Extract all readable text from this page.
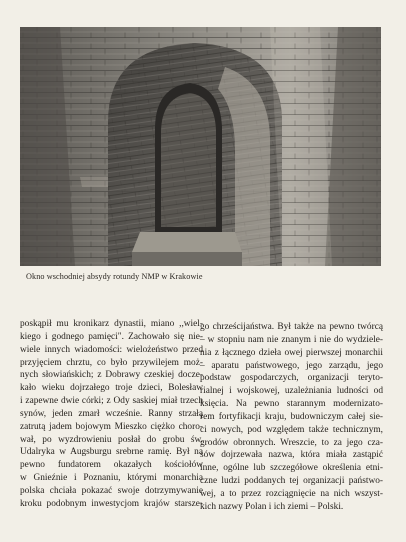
Okno wschodniej absydy rotundy NMP w Krakowie
poskąpił mu kronikarz dynastii, miano ,,wiel-
kiego i godnego pamięci". Zachowało się nie-
wiele innych wiadomości: wielożeństwo przed
przyjęciem chrztu, co było przywilejem moż-
nych słowiańskich; z Dobrawy czeskiej docze-
kało wieku dojrzałego troje dzieci, Bolesław
i zapewne dwie córki; z Ody saskiej miał trzech
synów, jeden zmarł wcześnie. Ranny strzałą
zatrutą jadem bojowym Mieszko ciężko choro-
wał, po wyzdrowieniu posłał do grobu św.
Udalryka w Augsburgu srebrne ramię. Był na
pewno fundatorem okazałych kościołów
w Gnieźnie i Poznaniu, którymi monarchia
polska chciała pokazać swoje dotrzymywanie
kroku podobnym inwestycjom krajów starsze-
go chrześcijaństwa. Był także na pewno twórcą
– w stopniu nam nie znanym i nie do wydziele-
nia z łącznego dzieła owej pierwszej monarchii
– aparatu państwowego, jego zarządu, jego
podstaw gospodarczych, organizacji teryto-
rialnej i wojskowej, uzależniania ludności od
księcia. Na pewno starannym modernizato-
rem fortyfikacji kraju, budowniczym całej sie-
ci nowych, pod względem także technicznym,
grodów obronnych. Wreszcie, to za jego cza-
sów dojrzewała nazwa, która miała zastąpić
inne, ogólne lub szczegółowe określenia etni-
czne ludzi poddanych tej organizacji państwo-
wej, a to przez rozciągnięcie na nich wszyst-
kich nazwy Polan i ich ziemi – Polski.
